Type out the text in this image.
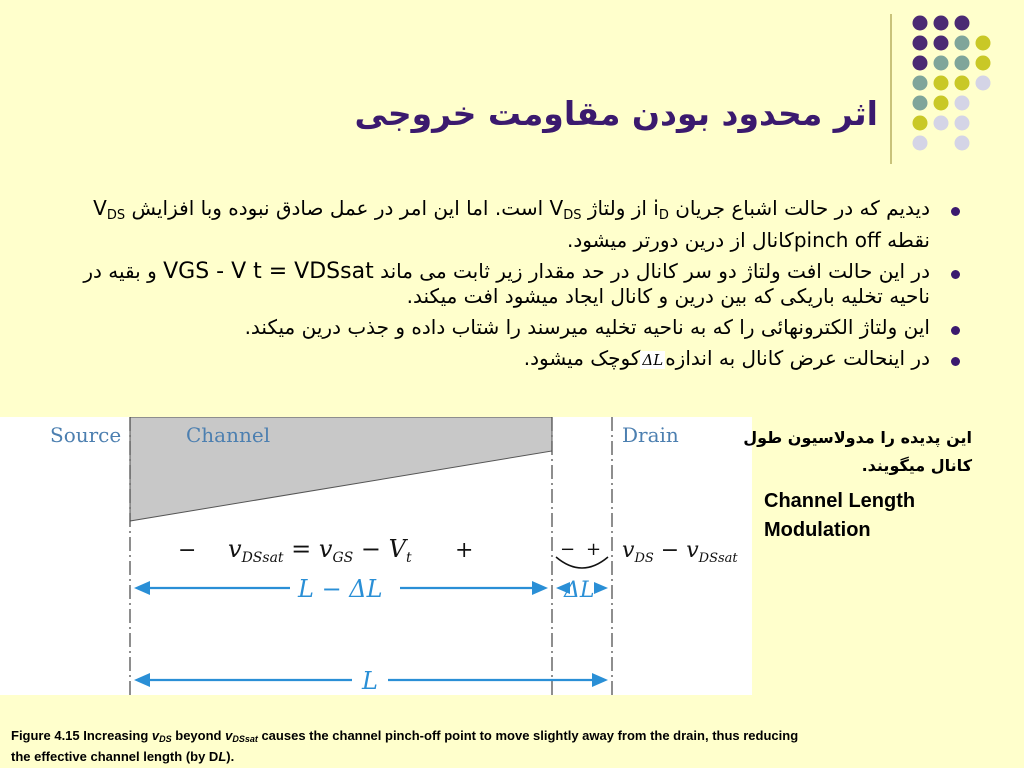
اثر محدود بودن مقاومت خروجی
دیدیم که در حالت اشباع جریان $i_D$ از ولتاژ $V_{DS}$ است. اما این امر در عمل صادق نبوده وبا افزایش $V_{DS}$ نقطه pinch offکانال از درین دورتر میشود.
در این حالت افت ولتاژ دو سر کانال در حد مقدار زیر ثابت می ماند VGS - V t = VDSsat و بقیه در ناحیه تخلیه باریکی که بین درین و کانال ایجاد میشود افت میکند.
این ولتاژ الکترونهائی را که به ناحیه تخلیه میرسند را شتاب داده و جذب درین میکند.
در اینحالت عرض کانال به اندازهΔLکوچک میشود.
Source	Channel	Drain
−	+
$v_{DSsat} = v_{GS} - V_t$	− + $v_{DS} - v_{DSsat}$
L − ΔL	ΔL
L
این پدیده را مدولاسیون طول کانال میگویند.
Channel Length
Modulation
Figure 4.15 Increasing vDS beyond vDSsat causes the channel pinch-off point to move slightly away from the drain, thus reducing the effective channel length (by DL).
